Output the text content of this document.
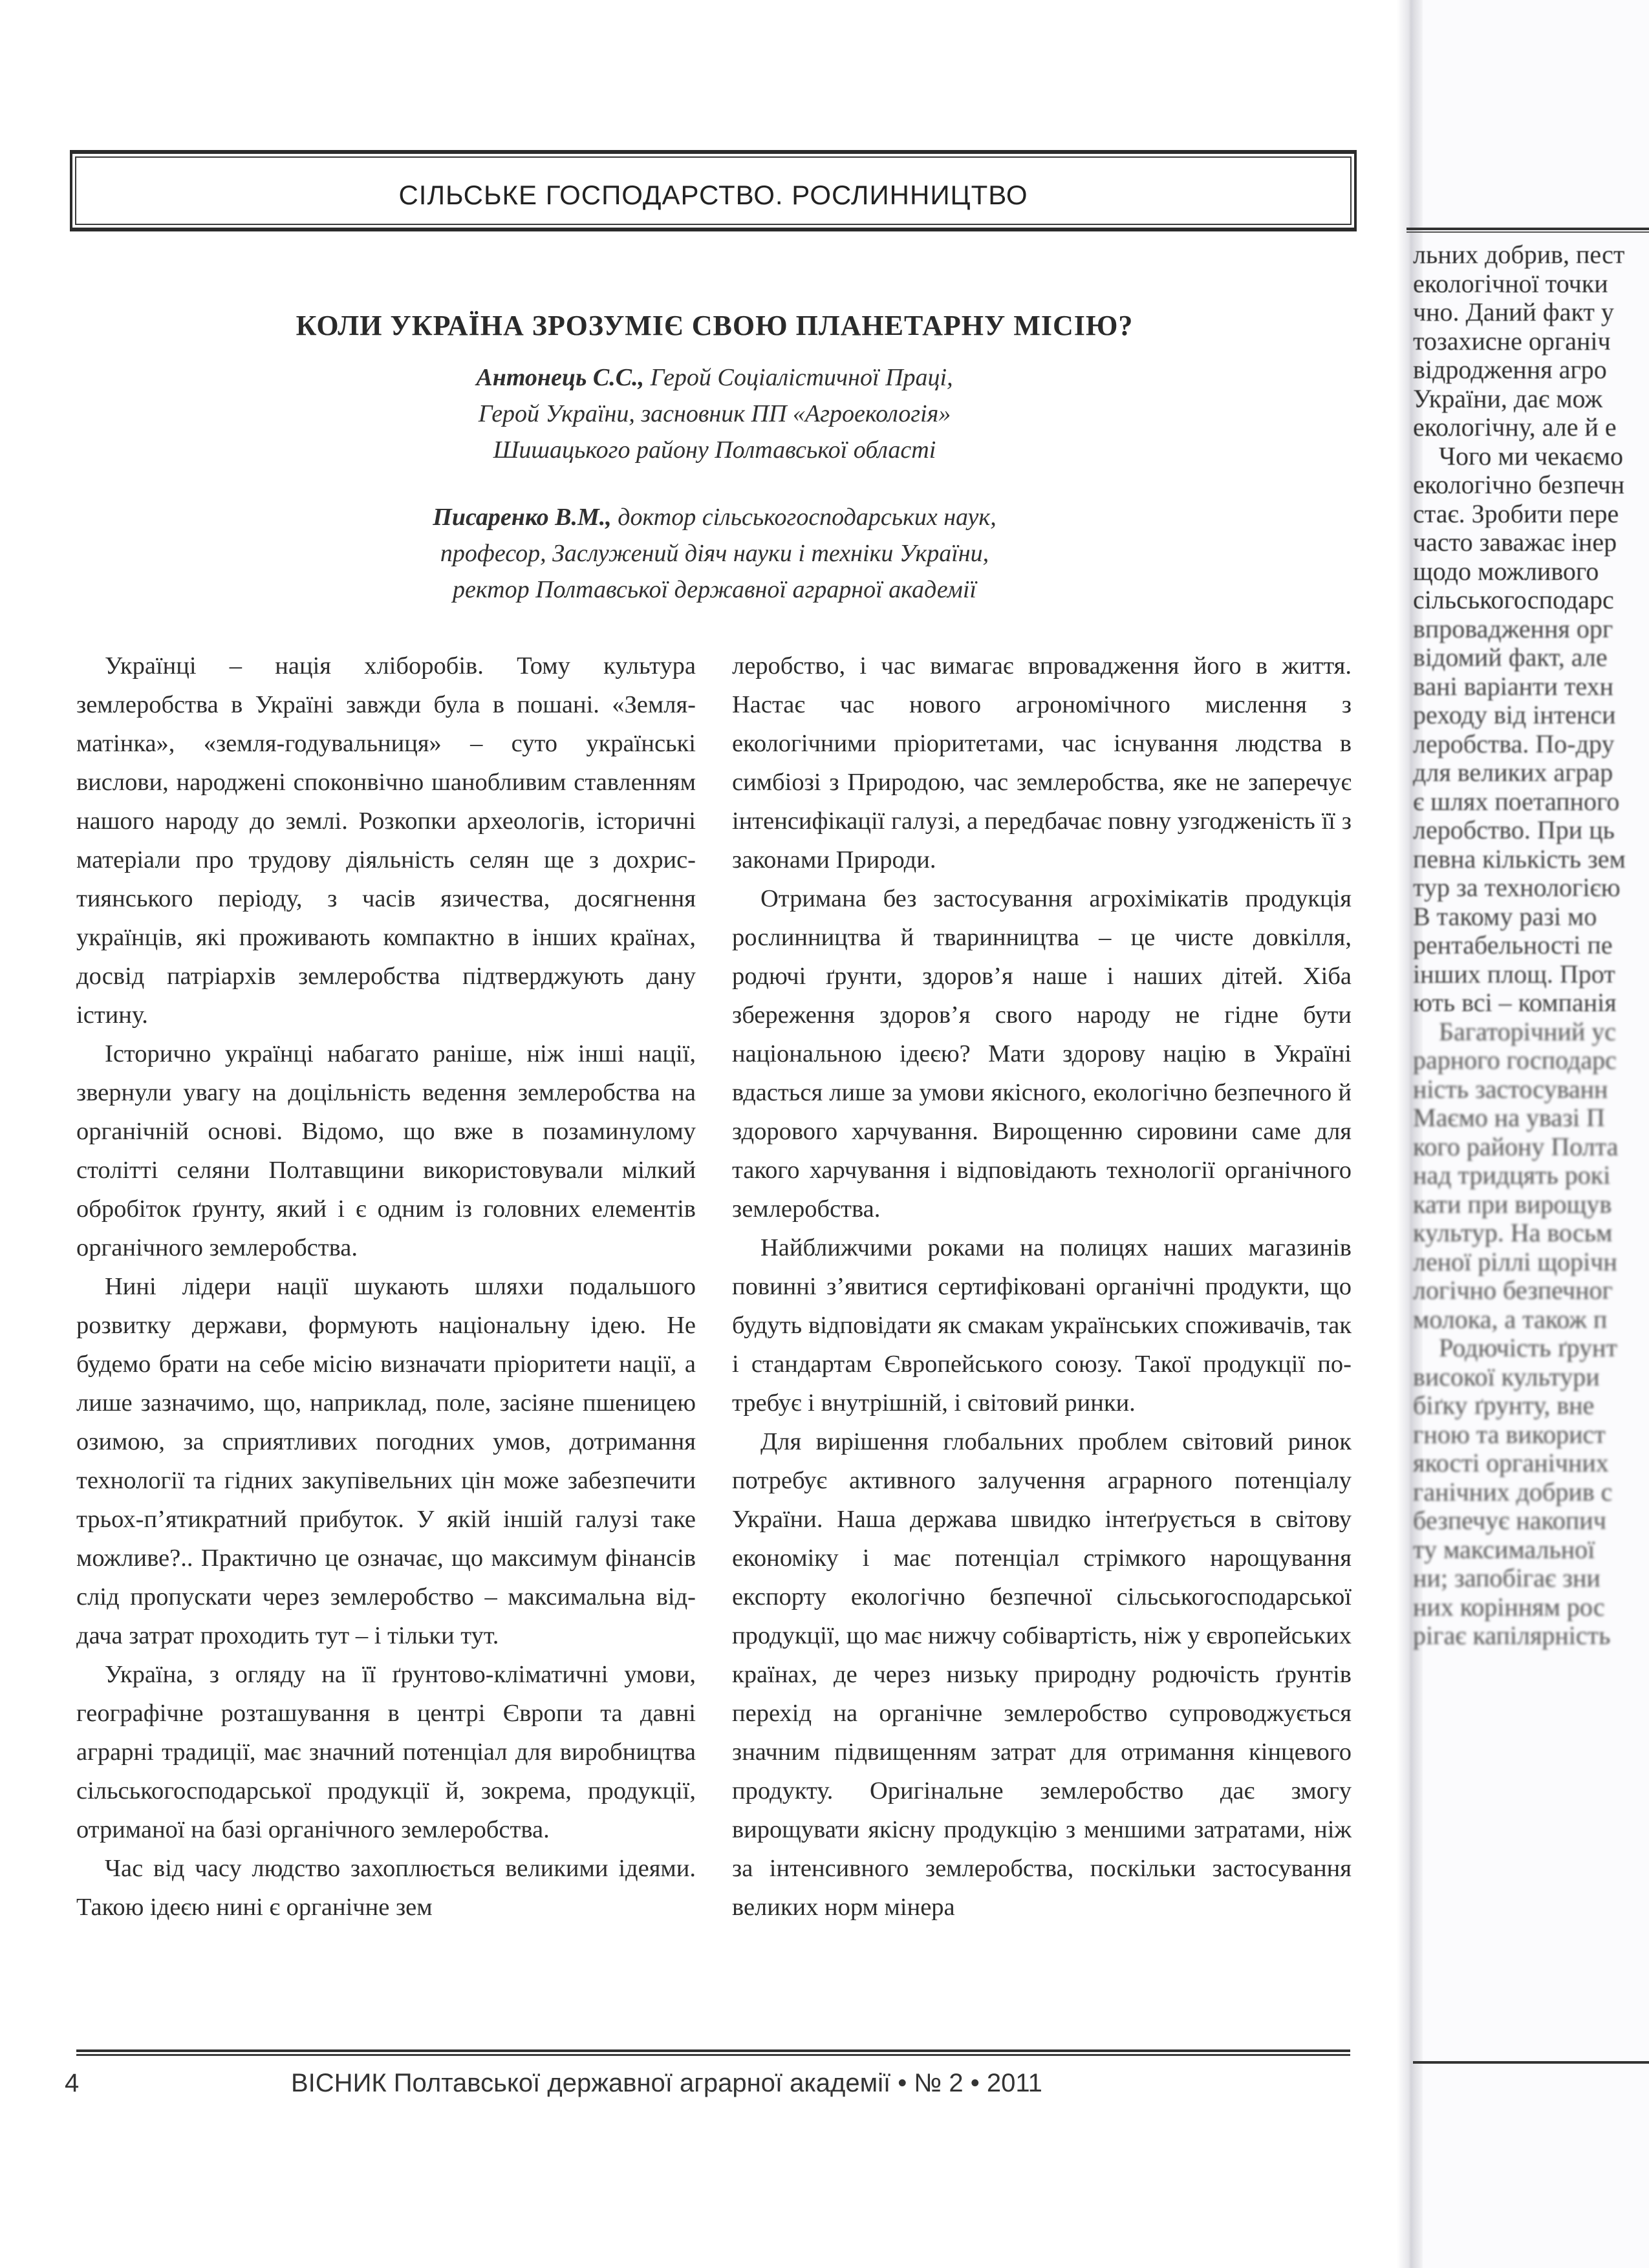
СІЛЬСЬКЕ ГОСПОДАРСТВО. РОСЛИННИЦТВО
КОЛИ УКРАЇНА ЗРОЗУМІЄ СВОЮ ПЛАНЕТАРНУ МІСІЮ?
Антонець С.С., Герой Соціалістичної Праці,
Герой України, засновник ПП «Агроекологія»
Шишацького району Полтавської області
Писаренко В.М., доктор сільськогосподарських наук,
професор, Заслужений діяч науки і техніки України,
ректор Полтавської державної аграрної академії

Українці – нація хліборобів. Тому культура землеробства в Україні завжди була в пошані. «Земля-матінка», «земля-годувальниця» – суто українські вислови, народжені споконвічно шанобливим ставленням нашого народу до землі. Розкопки археологів, історичні матеріали про трудову діяльність селян ще з дохристиянського періоду, з часів язичества, досягнення українців, які проживають компактно в інших країнах, досвід патріархів землеробства підтверджують дану істину.

Історично українці набагато раніше, ніж інші нації, звернули увагу на доцільність ведення землеробства на органічній основі. Відомо, що вже в позаминулому столітті селяни Полтавщини використовували мілкий обробіток ґрунту, який і є одним із головних елементів органічного землеробства.

Нині лідери нації шукають шляхи подальшого розвитку держави, формують національну ідею. Не будемо брати на себе місію визначати пріоритети нації, а лише зазначимо, що, наприклад, поле, засіяне пшеницею озимою, за сприятливих погодних умов, дотримання технології та гідних закупівельних цін може забезпечити трьох-п’ятикратний прибуток. У якій іншій галузі таке можливе?.. Практично це означає, що максимум фінансів слід пропускати через землеробство – максимальна віддача затрат проходить тут – і тільки тут.

Україна, з огляду на її ґрунтово-кліматичні умови, географічне розташування в центрі Європи та давні аграрні традиції, має значний потенціал для виробництва сільськогосподарської продукції й, зокрема, продукції, отриманої на базі органічного землеробства.

Час від часу людство захоплюється великими ідеями. Такою ідеєю нині є органічне зем

леробство, і час вимагає впровадження його в життя. Настає час нового агрономічного мислення з екологічними пріоритетами, час існування людства в симбіозі з Природою, час землеробства, яке не заперечує інтенсифікації галузі, а передбачає повну узгодженість її з законами Природи.

Отримана без застосування агрохімікатів продукція рослинництва й тваринництва – це чисте довкілля, родючі ґрунти, здоров’я наше і наших дітей. Хіба збереження здоров’я свого народу не гідне бути національною ідеєю? Мати здорову націю в Україні вдасться лише за умови якісного, екологічно безпечного й здорового харчування. Вирощенню сировини саме для такого харчування і відповідають технології органічного землеробства.

Найближчими роками на полицях наших магазинів повинні з’явитися сертифіковані органічні продукти, що будуть відповідати як смакам українських споживачів, так і стандартам Європейського союзу. Такої продукції потребує і внутрішній, і світовий ринки.

Для вирішення глобальних проблем світовий ринок потребує активного залучення аграрного потенціалу України. Наша держава швидко інтеґрується в світову економіку і має потенціал стрімкого нарощування експорту екологічно безпечної сільськогосподарської продукції, що має нижчу собівартість, ніж у європейських країнах, де через низьку природну родючість ґрунтів перехід на органічне землеробство супроводжується значним підвищенням затрат для отримання кінцевого продукту. Оригінальне землеробство дає змогу вирощувати якісну продукцію з меншими затратами, ніж за інтенсивного землеробства, поскільки застосування великих норм мінера

4	ВІСНИК Полтавської державної аграрної академії • № 2 • 2011
льних добрив, пест
екологічної точки
чно. Даний факт у
тозахисне органіч
відродження агро
України, дає мож
екологічну, але й е
Чого ми чекаємо
екологічно безпечн
стає. Зробити пере
часто заважає інер
щодо можливого
сільськогосподарс
впровадження орг
відомий факт, але
вані варіанти техн
реходу від інтенси
леробства. По-дру
для великих аграр
є шлях поетапного
леробство. При ць
певна кількість зем
тур за технологією
В такому разі мо
рентабельності пе
інших площ. Прот
ють всі – компанія
Багаторічний ус
рарного господарс
ність застосуванн
Маємо на увазі П
кого району Полта
над тридцять рокі
кати при вирощув
культур. На восьм
леної ріллі щорічн
логічно безпечног
молока, а також п
Родючість ґрунт
високої культури
біґку ґрунту, вне
гною та використ
якості органічних
ганічних добрив с
безпечує накопич
ту максимальної
ни; запобігає зни
них корінням рос
рігає капілярність
